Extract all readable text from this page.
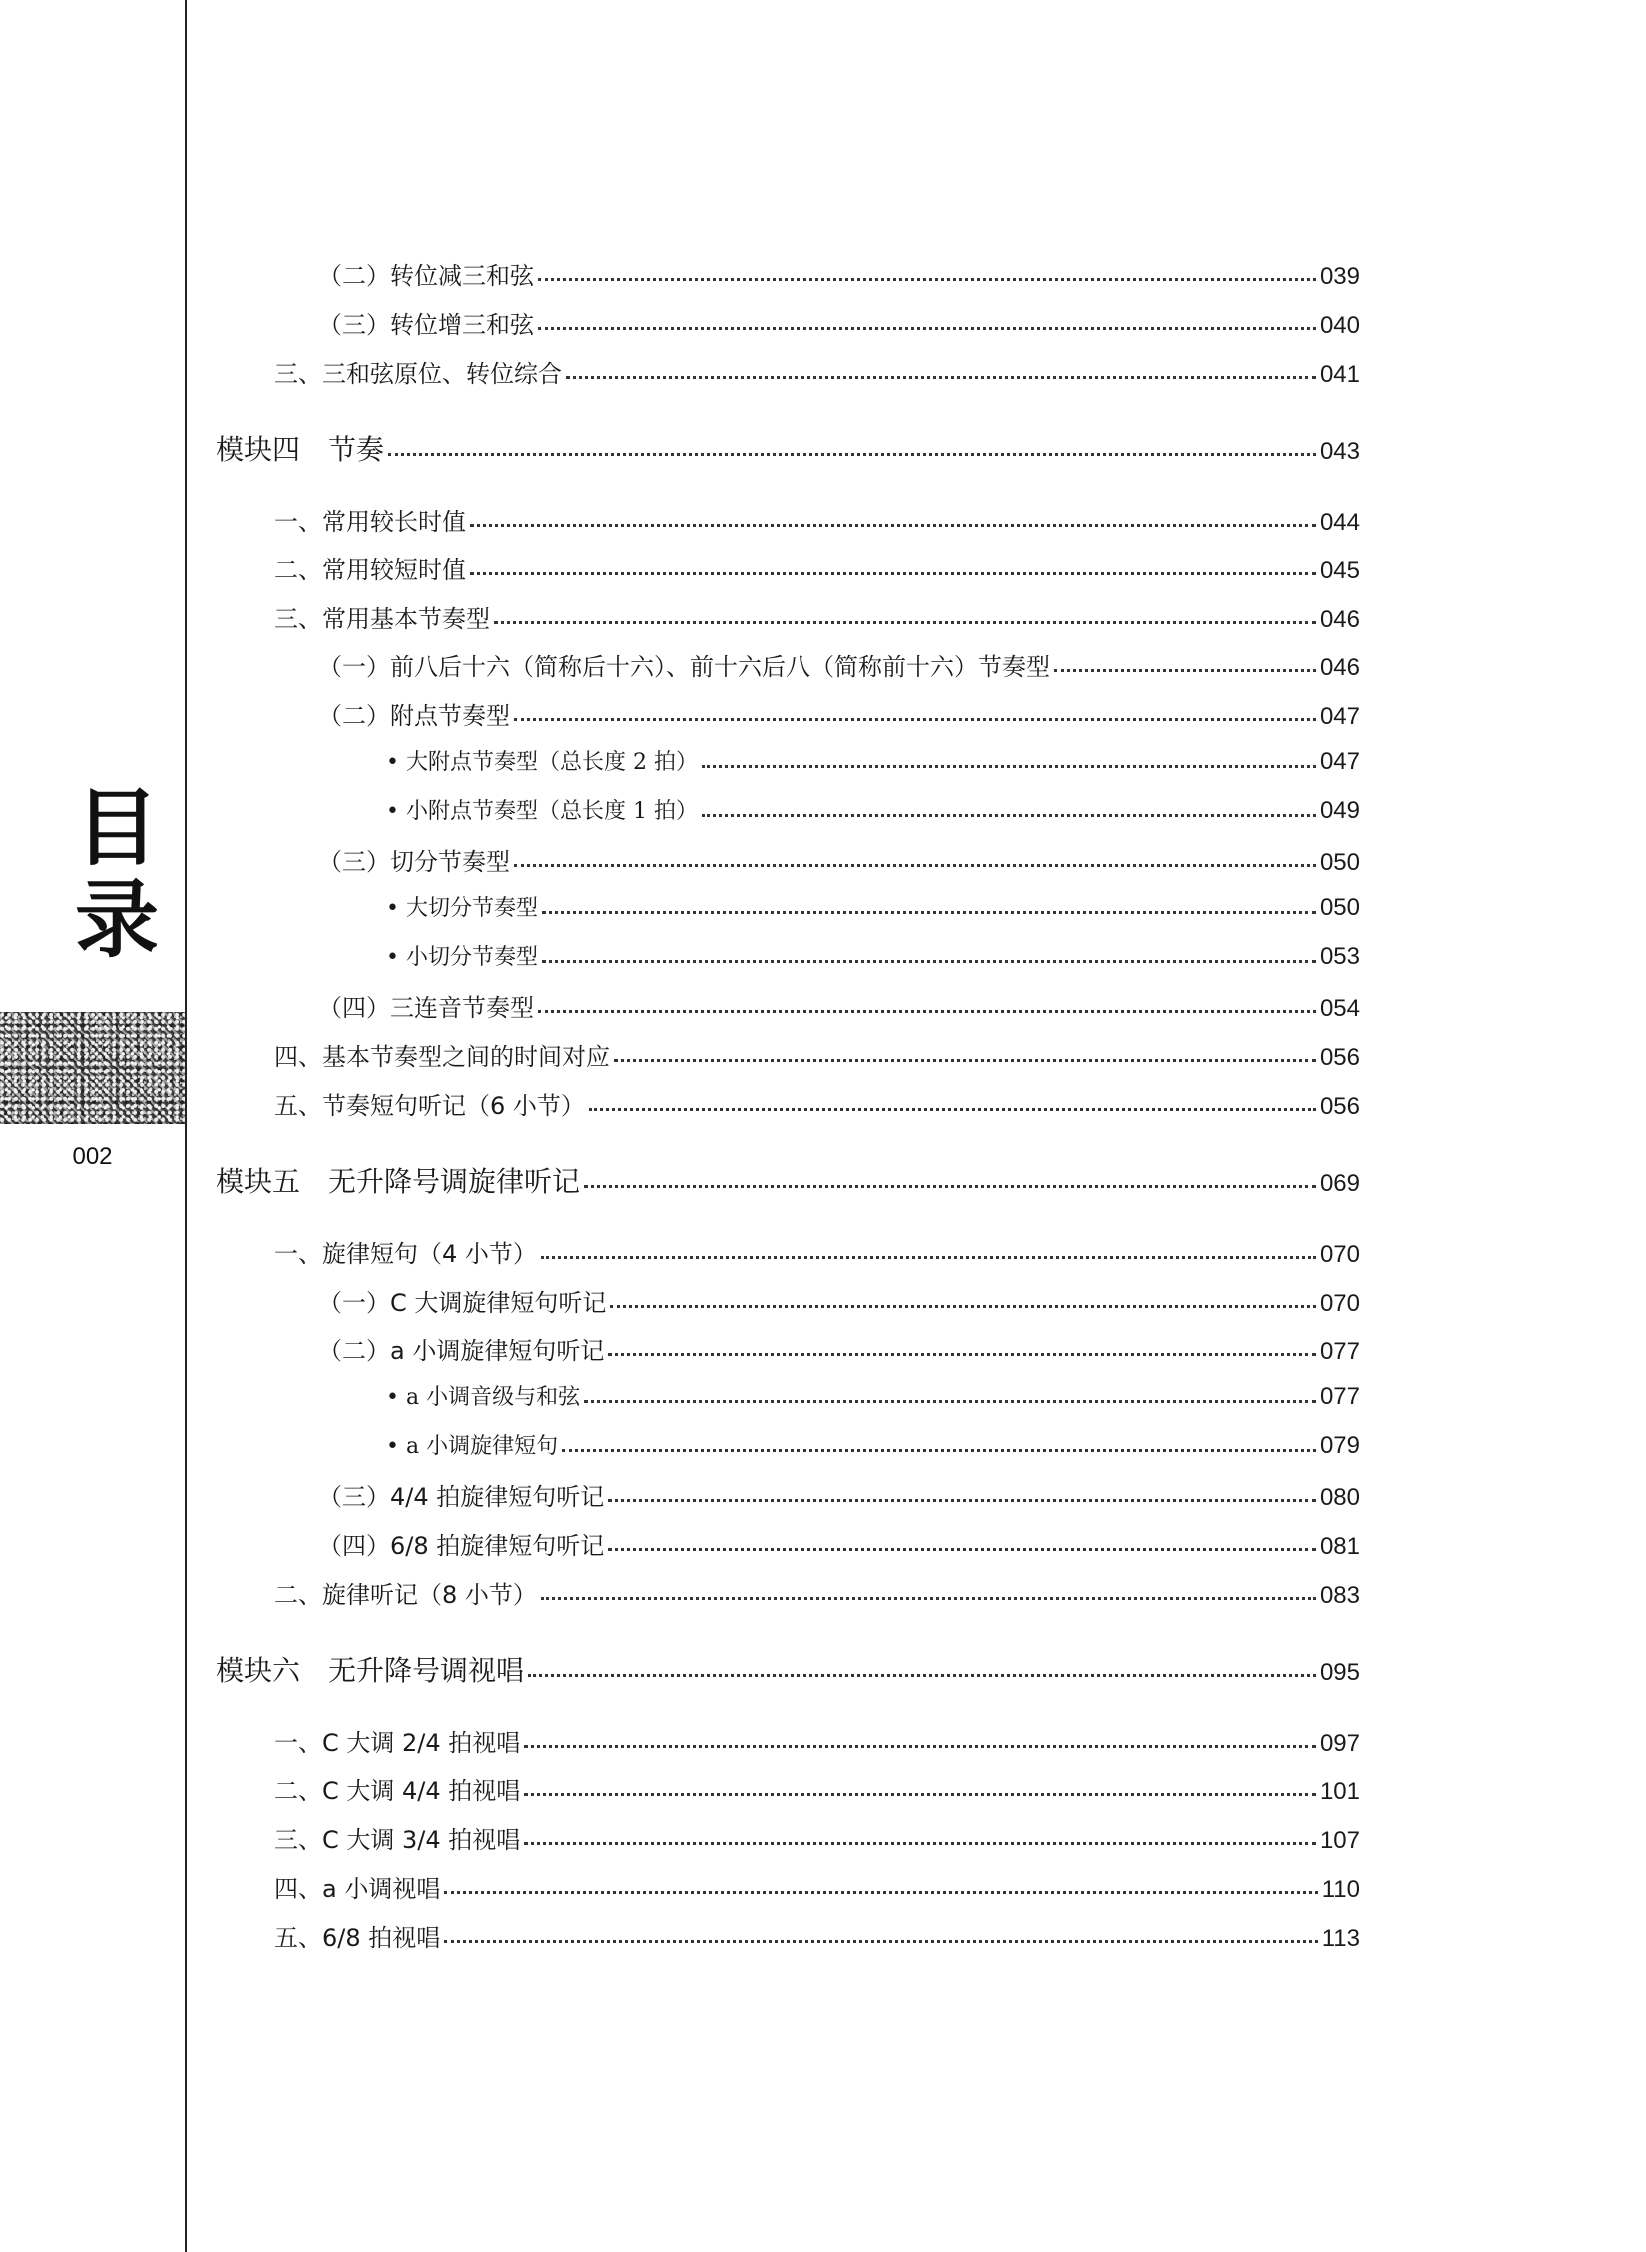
目
录
002
（二）转位减三和弦	039
（三）转位增三和弦	040
三、三和弦原位、转位综合	041
模块四　节奏	043
一、常用较长时值	044
二、常用较短时值	045
三、常用基本节奏型	046
（一）前八后十六（简称后十六）、前十六后八（简称前十六）节奏型	046
（二）附点节奏型	047
• 大附点节奏型（总长度 2 拍）	047
• 小附点节奏型（总长度 1 拍）	049
（三）切分节奏型	050
• 大切分节奏型	050
• 小切分节奏型	053
（四）三连音节奏型	054
四、基本节奏型之间的时间对应	056
五、节奏短句听记（6 小节）	056
模块五　无升降号调旋律听记	069
一、旋律短句（4 小节）	070
（一）C 大调旋律短句听记	070
（二）a 小调旋律短句听记	077
• a 小调音级与和弦	077
• a 小调旋律短句	079
（三）4/4 拍旋律短句听记	080
（四）6/8 拍旋律短句听记	081
二、旋律听记（8 小节）	083
模块六　无升降号调视唱	095
一、C 大调 2/4 拍视唱	097
二、C 大调 4/4 拍视唱	101
三、C 大调 3/4 拍视唱	107
四、a 小调视唱	110
五、6/8 拍视唱	113
